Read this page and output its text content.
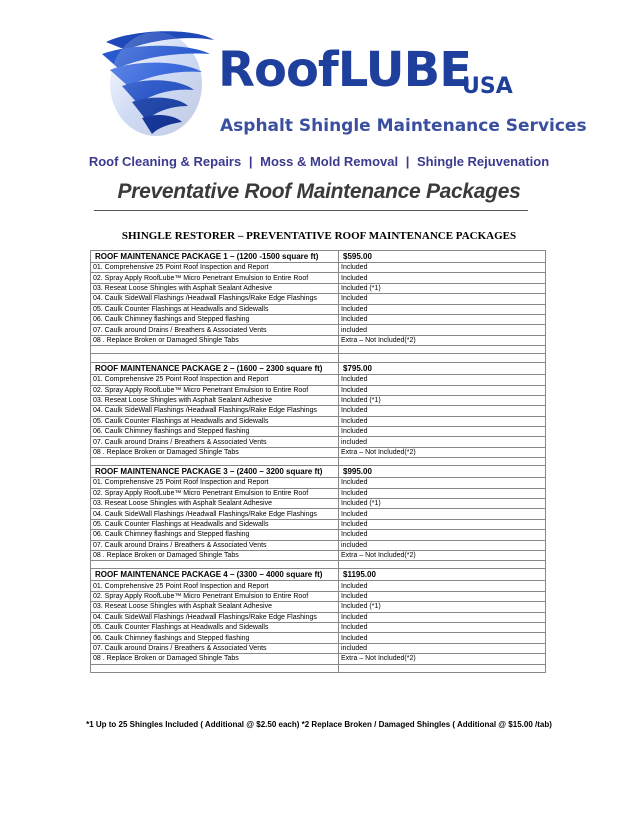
RoofLUBE
USA
Asphalt Shingle Maintenance Services
Roof Cleaning & Repairs | Moss & Mold Removal | Shingle Rejuvenation
Preventative Roof Maintenance Packages
SHINGLE RESTORER – PREVENTATIVE ROOF MAINTENANCE PACKAGES
ROOF MAINTENANCE PACKAGE 1 – (1200 -1500 square ft)	$595.00
01. Comprehensive 25 Point Roof Inspection and Report	Included
02. Spray Apply RoofLube™ Micro Penetrant Emulsion to Entire Roof	Included
03. Reseat Loose Shingles with Asphalt Sealant Adhesive	Included (*1)
04. Caulk SideWall Flashings /Headwall Flashings/Rake Edge Flashings	Included
05. Caulk Counter Flashings at Headwalls and Sidewalls	Included
06. Caulk Chimney flashings and Stepped flashing	Included
07. Caulk around Drains / Breathers & Associated Vents	included
08 . Replace Broken or Damaged Shingle Tabs	Extra – Not Included(*2)

ROOF MAINTENANCE PACKAGE 2 – (1600 – 2300 square ft)	$795.00
01. Comprehensive 25 Point Roof Inspection and Report	Included
02. Spray Apply RoofLube™ Micro Penetrant Emulsion to Entire Roof	Included
03. Reseat Loose Shingles with Asphalt Sealant Adhesive	Included (*1)
04. Caulk SideWall Flashings /Headwall Flashings/Rake Edge Flashings	Included
05. Caulk Counter Flashings at Headwalls and Sidewalls	Included
06. Caulk Chimney flashings and Stepped flashing	Included
07. Caulk around Drains / Breathers & Associated Vents	included
08 . Replace Broken or Damaged Shingle Tabs	Extra – Not Included(*2)

ROOF MAINTENANCE PACKAGE 3 – (2400 – 3200 square ft)	$995.00
01. Comprehensive 25 Point Roof Inspection and Report	Included
02. Spray Apply RoofLube™ Micro Penetrant Emulsion to Entire Roof	Included
03. Reseat Loose Shingles with Asphalt Sealant Adhesive	Included (*1)
04. Caulk SideWall Flashings /Headwall Flashings/Rake Edge Flashings	Included
05. Caulk Counter Flashings at Headwalls and Sidewalls	Included
06. Caulk Chimney flashings and Stepped flashing	Included
07. Caulk around Drains / Breathers & Associated Vents	included
08 . Replace Broken or Damaged Shingle Tabs	Extra – Not Included(*2)

ROOF MAINTENANCE PACKAGE 4 – (3300 – 4000 square ft)	$1195.00
01. Comprehensive 25 Point Roof Inspection and Report	Included
02. Spray Apply RoofLube™ Micro Penetrant Emulsion to Entire Roof	Included
03. Reseat Loose Shingles with Asphalt Sealant Adhesive	Included (*1)
04. Caulk SideWall Flashings /Headwall Flashings/Rake Edge Flashings	Included
05. Caulk Counter Flashings at Headwalls and Sidewalls	Included
06. Caulk Chimney flashings and Stepped flashing	Included
07. Caulk around Drains / Breathers & Associated Vents	included
08 . Replace Broken or Damaged Shingle Tabs	Extra – Not Included(*2)

*1 Up to 25 Shingles Included ( Additional @ $2.50 each) *2 Replace Broken / Damaged Shingles ( Additional @ $15.00 /tab)
